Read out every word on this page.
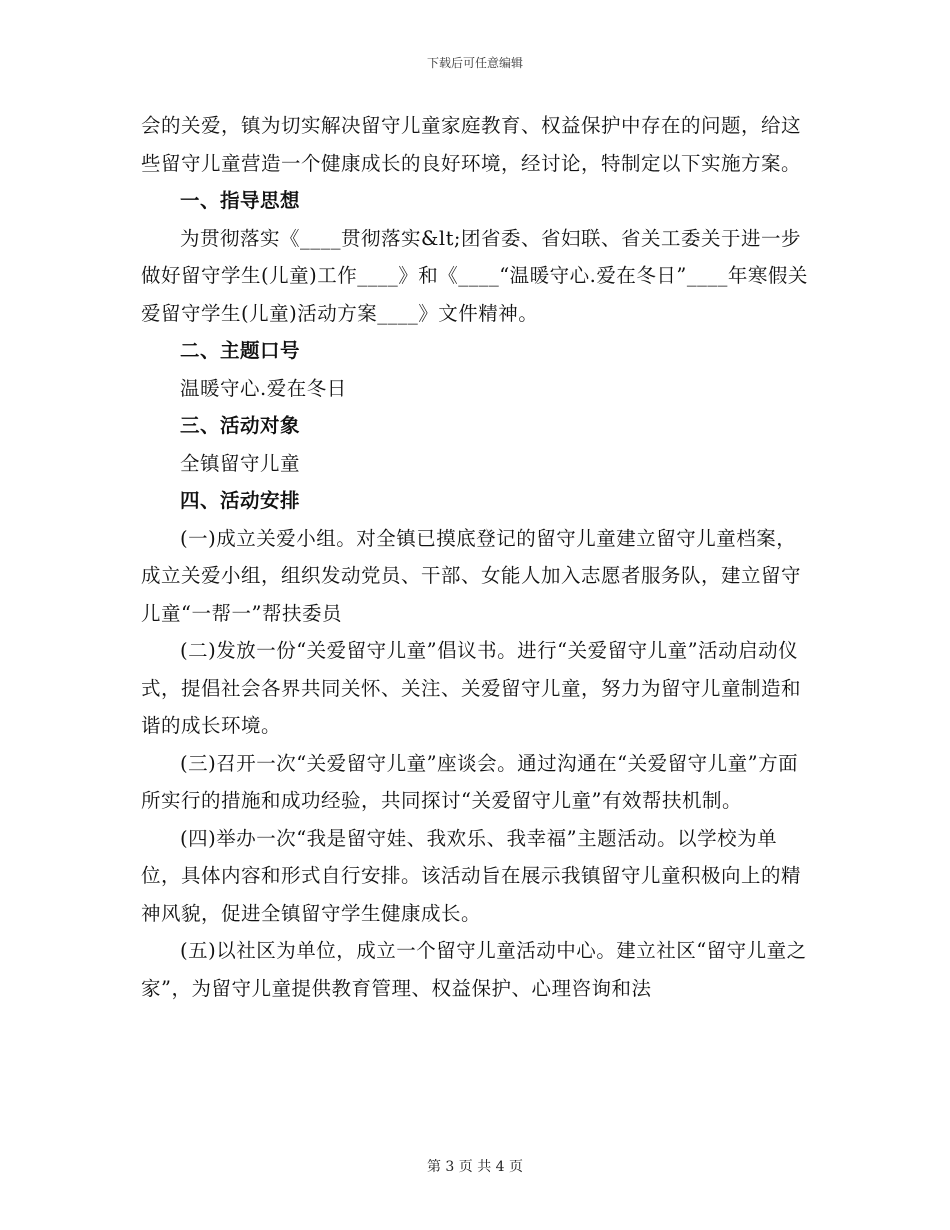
下载后可任意编辑

会的关爱，镇为切实解决留守儿童家庭教育、权益保护中存在的问题，给这些留守儿童营造一个健康成长的良好环境，经讨论，特制定以下实施方案。

一、指导思想

为贯彻落实《____贯彻落实&lt;团省委、省妇联、省关工委关于进一步做好留守学生(儿童)工作____》和《____“温暖守心.爱在冬日”____年寒假关爱留守学生(儿童)活动方案____》文件精神。

二、主题口号

温暖守心.爱在冬日

三、活动对象

全镇留守儿童

四、活动安排

(一)成立关爱小组。对全镇已摸底登记的留守儿童建立留守儿童档案，成立关爱小组，组织发动党员、干部、女能人加入志愿者服务队，建立留守儿童“一帮一”帮扶委员

(二)发放一份“关爱留守儿童”倡议书。进行“关爱留守儿童”活动启动仪式，提倡社会各界共同关怀、关注、关爱留守儿童，努力为留守儿童制造和谐的成长环境。

(三)召开一次“关爱留守儿童”座谈会。通过沟通在“关爱留守儿童”方面所实行的措施和成功经验，共同探讨“关爱留守儿童”有效帮扶机制。

(四)举办一次“我是留守娃、我欢乐、我幸福”主题活动。以学校为单位，具体内容和形式自行安排。该活动旨在展示我镇留守儿童积极向上的精神风貌，促进全镇留守学生健康成长。

(五)以社区为单位，成立一个留守儿童活动中心。建立社区“留守儿童之家”，为留守儿童提供教育管理、权益保护、心理咨询和法

第 3 页 共 4 页
